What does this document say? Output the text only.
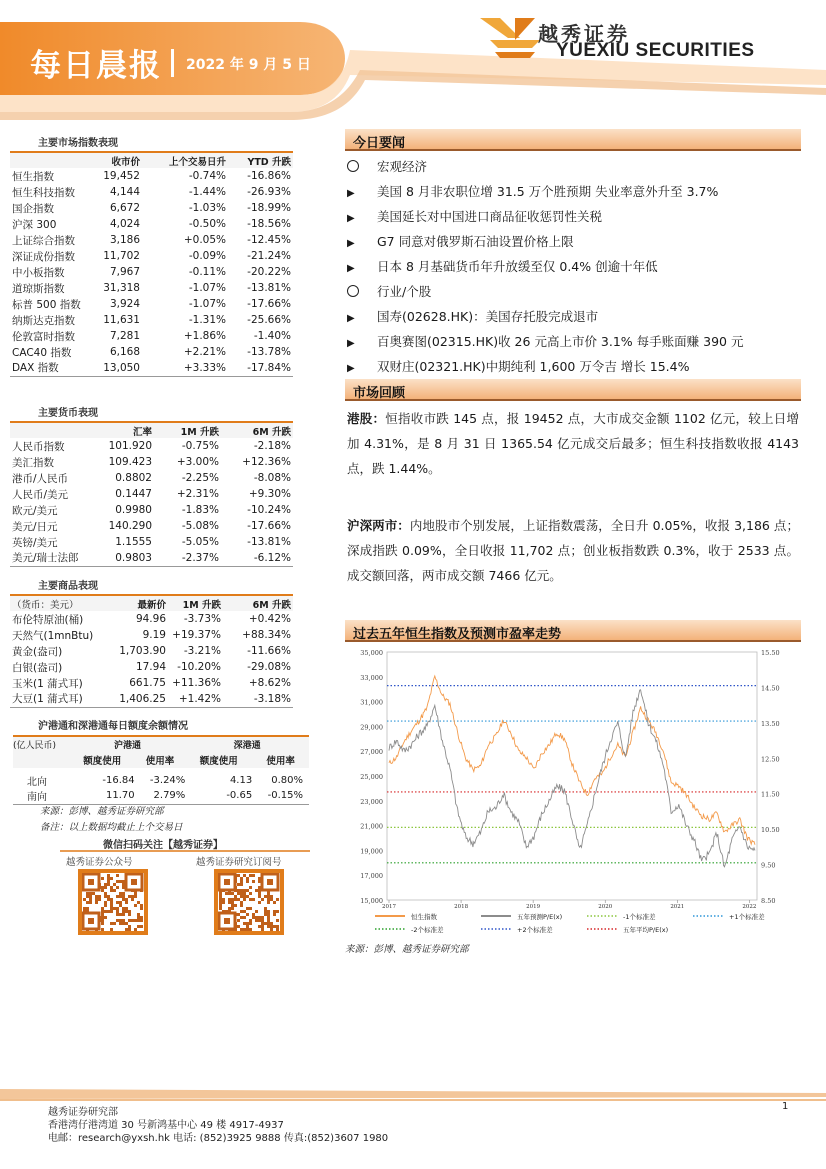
每日晨报 2022 年 9 月 5 日
越秀证券
YUEXIU SECURITIES
主要市场指数表现
	收市价	上个交易日升	YTD 升跌
恒生指数	19,452	-0.74%	-16.86%
恒生科技指数	4,144	-1.44%	-26.93%
国企指数	6,672	-1.03%	-18.99%
沪深 300	4,024	-0.50%	-18.56%
上证综合指数	3,186	+0.05%	-12.45%
深证成份指数	11,702	-0.09%	-21.24%
中小板指数	7,967	-0.11%	-20.22%
道琼斯指数	31,318	-1.07%	-13.81%
标普 500 指数	3,924	-1.07%	-17.66%
纳斯达克指数	11,631	-1.31%	-25.66%
伦敦富时指数	7,281	+1.86%	-1.40%
CAC40 指数	6,168	+2.21%	-13.78%
DAX 指数	13,050	+3.33%	-17.84%
主要货币表现
	汇率	1M 升跌	6M 升跌
人民币指数	101.920	-0.75%	-2.18%
美汇指数	109.423	+3.00%	+12.36%
港币/人民币	0.8802	-2.25%	-8.08%
人民币/美元	0.1447	+2.31%	+9.30%
欧元/美元	0.9980	-1.83%	-10.24%
美元/日元	140.290	-5.08%	-17.66%
英镑/美元	1.1555	-5.05%	-13.81%
美元/瑞士法郎	0.9803	-2.37%	-6.12%
主要商品表现
（货币：美元）	最新价	1M 升跌	6M 升跌
布伦特原油(桶)	94.96	-3.73%	+0.42%
天然气(1mnBtu)	9.19	+19.37%	+88.34%
黄金(盎司)	1,703.90	-3.21%	-11.66%
白银(盎司)	17.94	-10.20%	-29.08%
玉米(1 蒲式耳)	661.75	+11.36%	+8.62%
大豆(1 蒲式耳)	1,406.25	+1.42%	-3.18%
沪港通和深港通每日额度余额情况
(亿人民币)	沪港通		深港通	
	额度使用	使用率	额度使用	使用率

北向	-16.84	-3.24%	4.13	0.80%
南向	11.70	2.79%	-0.65	-0.15%
来源：彭博、越秀证券研究部
备注：以上数据均截止上个交易日
微信扫码关注【越秀证券】
越秀证券公众号	越秀证券研究订阅号
今日要闻
宏观经济
▶ 美国 8 月非农职位增 31.5 万个胜预期 失业率意外升至 3.7%
▶ 美国延长对中国进口商品征收惩罚性关税
▶ G7 同意对俄罗斯石油设置价格上限
▶ 日本 8 月基础货币年升放缓至仅 0.4% 创逾十年低
行业/个股
▶ 国寿(02628.HK)：美国存托股完成退市
▶ 百奥赛图(02315.HK)收 26 元高上市价 3.1% 每手账面赚 390 元
▶ 双财庄(02321.HK)中期纯利 1,600 万令吉 增长 15.4%
市场回顾
港股：恒指收市跌 145 点，报 19452 点，大市成交金额 1102 亿元，较上日增加 4.31%，是 8 月 31 日 1365.54 亿元成交后最多；恒生科技指数收报 4143 点，跌 1.44%。
沪深两市：内地股市个别发展，上证指数震荡，全日升 0.05%，收报 3,186 点；深成指跌 0.09%，全日收报 11,702 点；创业板指数跌 0.3%，收于 2533 点。成交额回落，两市成交额 7466 亿元。
过去五年恒生指数及预测市盈率走势
35,000
33,000
31,000
29,000
27,000
25,000
23,000
21,000
19,000
17,000
15,000
15.50
14.50
13.50
12.50
11.50
10.50
9.50
8.50
2017	2018	2019	2020	2021	2022
恒生指数	五年预测P/E(x)	-1个标准差	+1个标准差
-2个标准差	+2个标准差	五年平均P/E(x)
来源：彭博、越秀证券研究部
越秀证券研究部
香港湾仔港湾道 30 号新鸿基中心 49 楼 4917-4937
电邮：research@yxsh.hk 电话: (852)3925 9888 传真:(852)3607 1980
1
